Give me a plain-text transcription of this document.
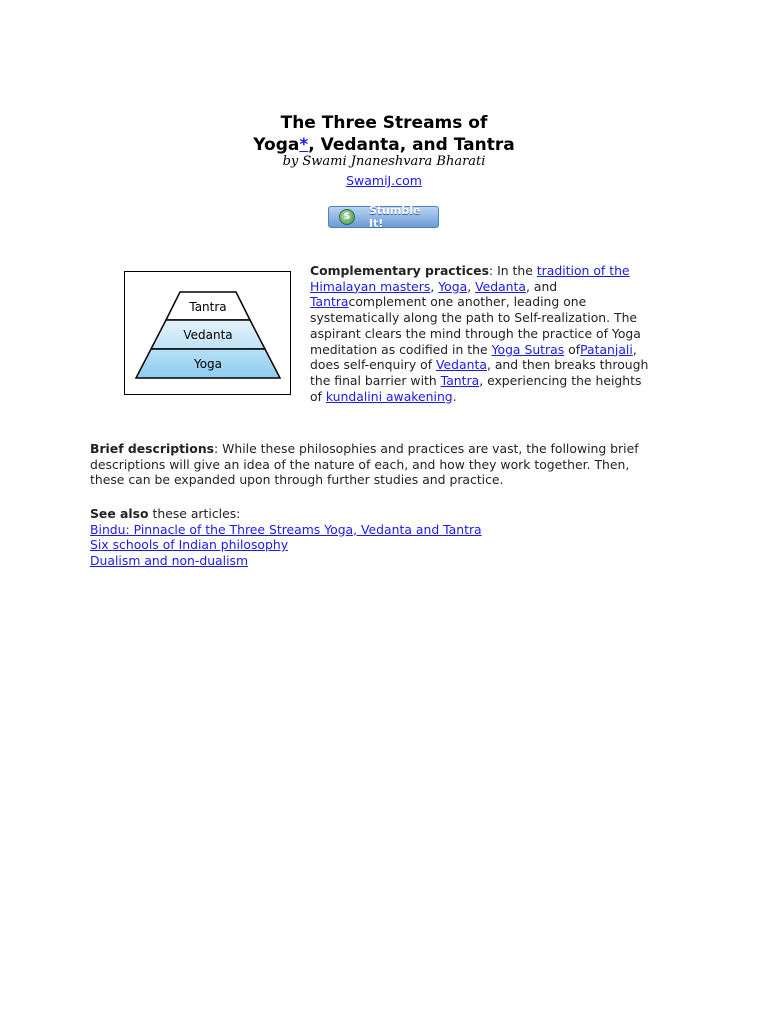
The Three Streams of
Yoga*, Vedanta, and Tantra
by Swami Jnaneshvara Bharati
SwamiJ.com
S	Stumble It!
Tantra
Vedanta
Yoga
Complementary practices: In the tradition of the Himalayan masters, Yoga, Vedanta, and Tantracomplement one another, leading one systematically along the path to Self-realization. The aspirant clears the mind through the practice of Yoga meditation as codified in the Yoga Sutras ofPatanjali, does self-enquiry of Vedanta, and then breaks through the final barrier with Tantra, experiencing the heights of kundalini awakening.
Brief descriptions: While these philosophies and practices are vast, the following brief descriptions will give an idea of the nature of each, and how they work together. Then, these can be expanded upon through further studies and practice.
See also these articles:
Bindu: Pinnacle of the Three Streams Yoga, Vedanta and Tantra
Six schools of Indian philosophy
Dualism and non-dualism
